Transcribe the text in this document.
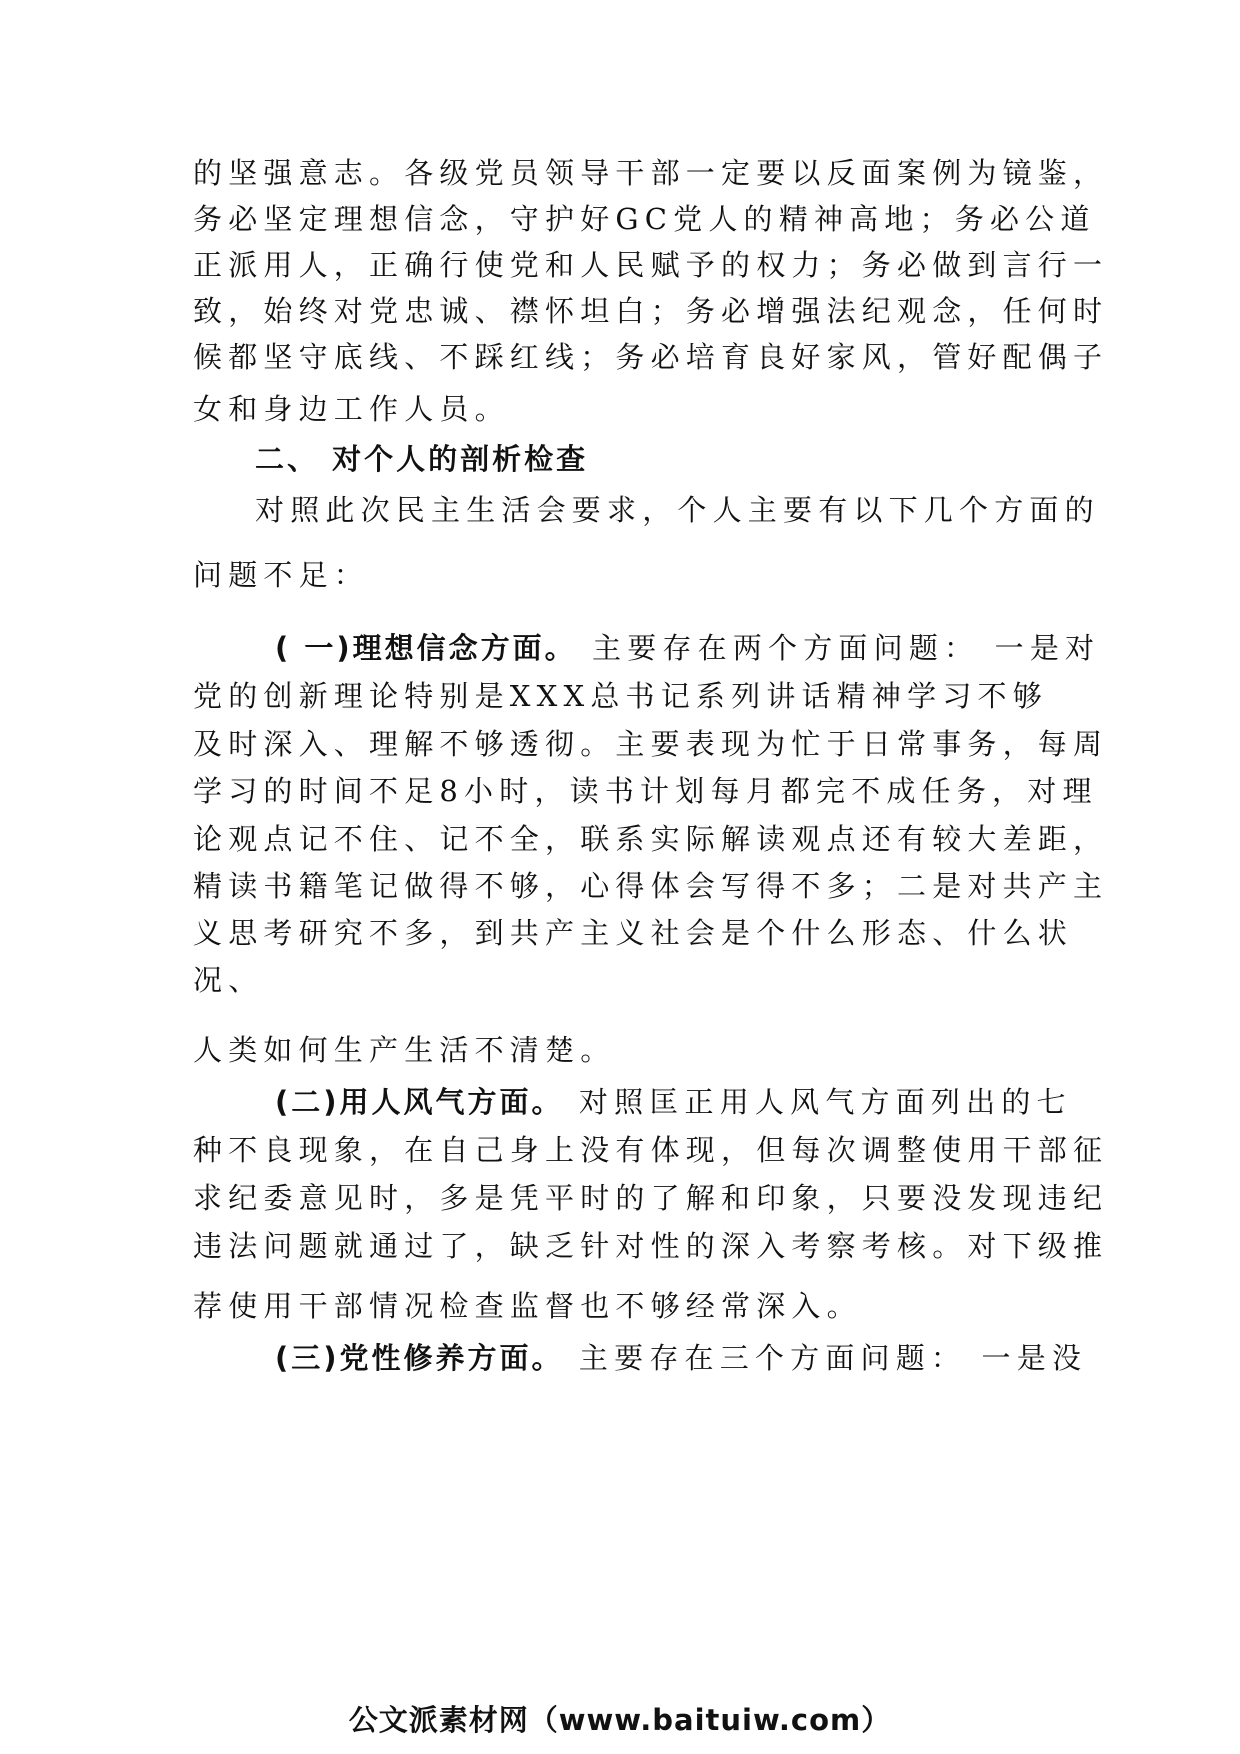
的坚强意志。各级党员领导干部一定要以反面案例为镜鉴，
务必坚定理想信念，守护好GC党人的精神高地；务必公道
正派用人，正确行使党和人民赋予的权力；务必做到言行一
致，始终对党忠诚、襟怀坦白；务必增强法纪观念，任何时
候都坚守底线、不踩红线；务必培育良好家风，管好配偶子
女和身边工作人员。
二、 对个人的剖析检查
对照此次民主生活会要求，个人主要有以下几个方面的
问题不足：
( 一)理想信念方面。 主要存在两个方面问题： 一是对
党的创新理论特别是XXX总书记系列讲话精神学习不够
及时深入、理解不够透彻。主要表现为忙于日常事务，每周
学习的时间不足8小时，读书计划每月都完不成任务，对理
论观点记不住、记不全，联系实际解读观点还有较大差距，
精读书籍笔记做得不够，心得体会写得不多；二是对共产主
义思考研究不多，到共产主义社会是个什么形态、什么状
况、
人类如何生产生活不清楚。
(二)用人风气方面。 对照匡正用人风气方面列出的七
种不良现象，在自己身上没有体现，但每次调整使用干部征
求纪委意见时，多是凭平时的了解和印象，只要没发现违纪
违法问题就通过了，缺乏针对性的深入考察考核。对下级推
荐使用干部情况检查监督也不够经常深入。
(三)党性修养方面。 主要存在三个方面问题： 一是没
公文派素材网（www.baituiw.com）
